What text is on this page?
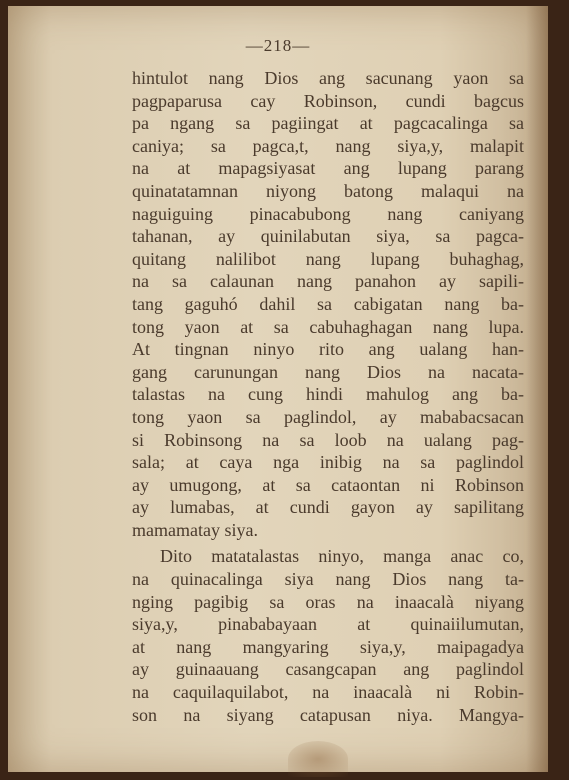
—218—
hintulot nang Dios ang sacunang yaon sa
pagpaparusa cay Robinson, cundi bagcus
pa ngang sa pagiingat at pagcacalinga sa
caniya; sa pagca,t, nang siya,y, malapit
na at mapagsiyasat ang lupang parang
quinatatamnan niyong batong malaqui na
naguiguing pinacabubong nang caniyang
tahanan, ay quinilabutan siya, sa pagca-
quitang nalilibot nang lupang buhaghag,
na sa calaunan nang panahon ay sapili-
tang gaguhó dahil sa cabigatan nang ba-
tong yaon at sa cabuhaghagan nang lupa.
At tingnan ninyo rito ang ualang han-
gang carunungan nang Dios na nacata-
talastas na cung hindi mahulog ang ba-
tong yaon sa paglindol, ay mababacsacan
si Robinsong na sa loob na ualang pag-
sala; at caya nga inibig na sa paglindol
ay umugong, at sa cataontan ni Robinson
ay lumabas, at cundi gayon ay sapilitang
mamamatay siya.
Dito matatalastas ninyo, manga anac co,
na quinacalinga siya nang Dios nang ta-
nging pagibig sa oras na inaacalà niyang
siya,y, pinababayaan at quinaiilumutan,
at nang mangyaring siya,y, maipagadya
ay guinaauang casangcapan ang paglindol
na caquilaquilabot, na inaacalà ni Robin-
son na siyang catapusan niya. Mangya-
